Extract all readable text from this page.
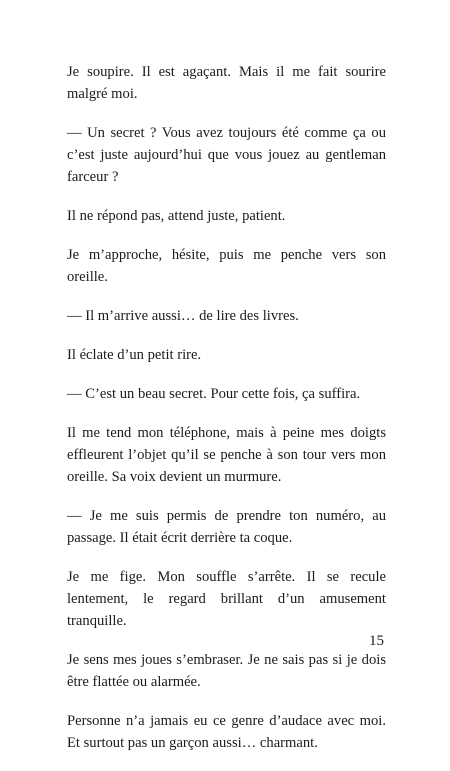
Je soupire. Il est agaçant. Mais il me fait sourire malgré moi.

— Un secret ? Vous avez toujours été comme ça ou c’est juste aujourd’hui que vous jouez au gentleman farceur ?

Il ne répond pas, attend juste, patient.

Je m’approche, hésite, puis me penche vers son oreille.

— Il m’arrive aussi… de lire des livres.

Il éclate d’un petit rire.

— C’est un beau secret. Pour cette fois, ça suffira.

Il me tend mon téléphone, mais à peine mes doigts effleurent l’objet qu’il se penche à son tour vers mon oreille. Sa voix devient un murmure.

— Je me suis permis de prendre ton numéro, au passage. Il était écrit derrière ta coque.

Je me fige. Mon souffle s’arrête. Il se recule lentement, le regard brillant d’un amusement tranquille.

Je sens mes joues s’embraser. Je ne sais pas si je dois être flattée ou alarmée.

Personne n’a jamais eu ce genre d’audace avec moi. Et surtout pas un garçon aussi… charmant.

15
